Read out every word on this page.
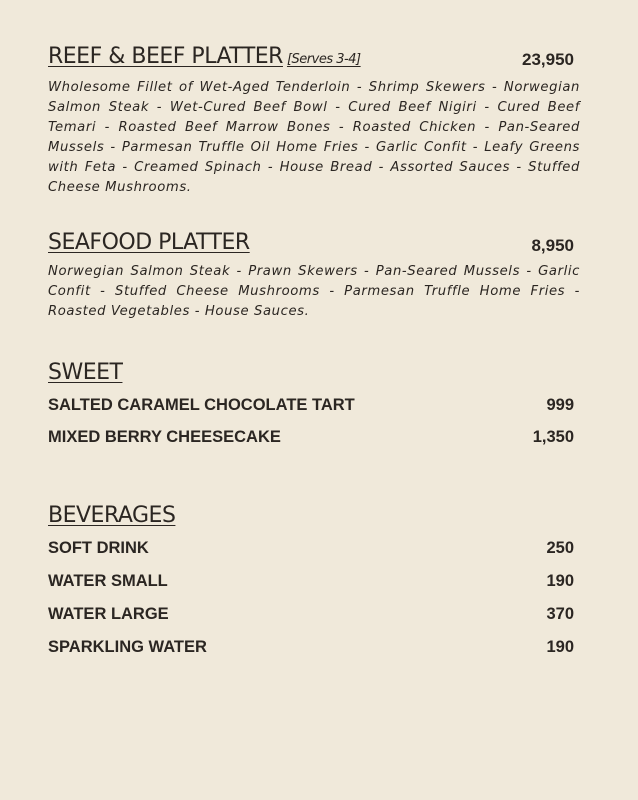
REEF & BEEF PLATTER [Serves 3-4]	23,950

Wholesome Fillet of Wet-Aged Tenderloin - Shrimp Skewers - Norwegian Salmon Steak - Wet-Cured Beef Bowl - Cured Beef Nigiri - Cured Beef Temari - Roasted Beef Marrow Bones - Roasted Chicken - Pan-Seared Mussels - Parmesan Truffle Oil Home Fries - Garlic Confit - Leafy Greens with Feta - Creamed Spinach - House Bread - Assorted Sauces - Stuffed Cheese Mushrooms.

SEAFOOD PLATTER	8,950

Norwegian Salmon Steak - Prawn Skewers - Pan-Seared Mussels - Garlic Confit - Stuffed Cheese Mushrooms - Parmesan Truffle Home Fries - Roasted Vegetables - House Sauces.

SWEET
SALTED CARAMEL CHOCOLATE TART	999
MIXED BERRY CHEESECAKE	1,350
BEVERAGES
SOFT DRINK	250
WATER SMALL	190
WATER LARGE	370
SPARKLING WATER	190
